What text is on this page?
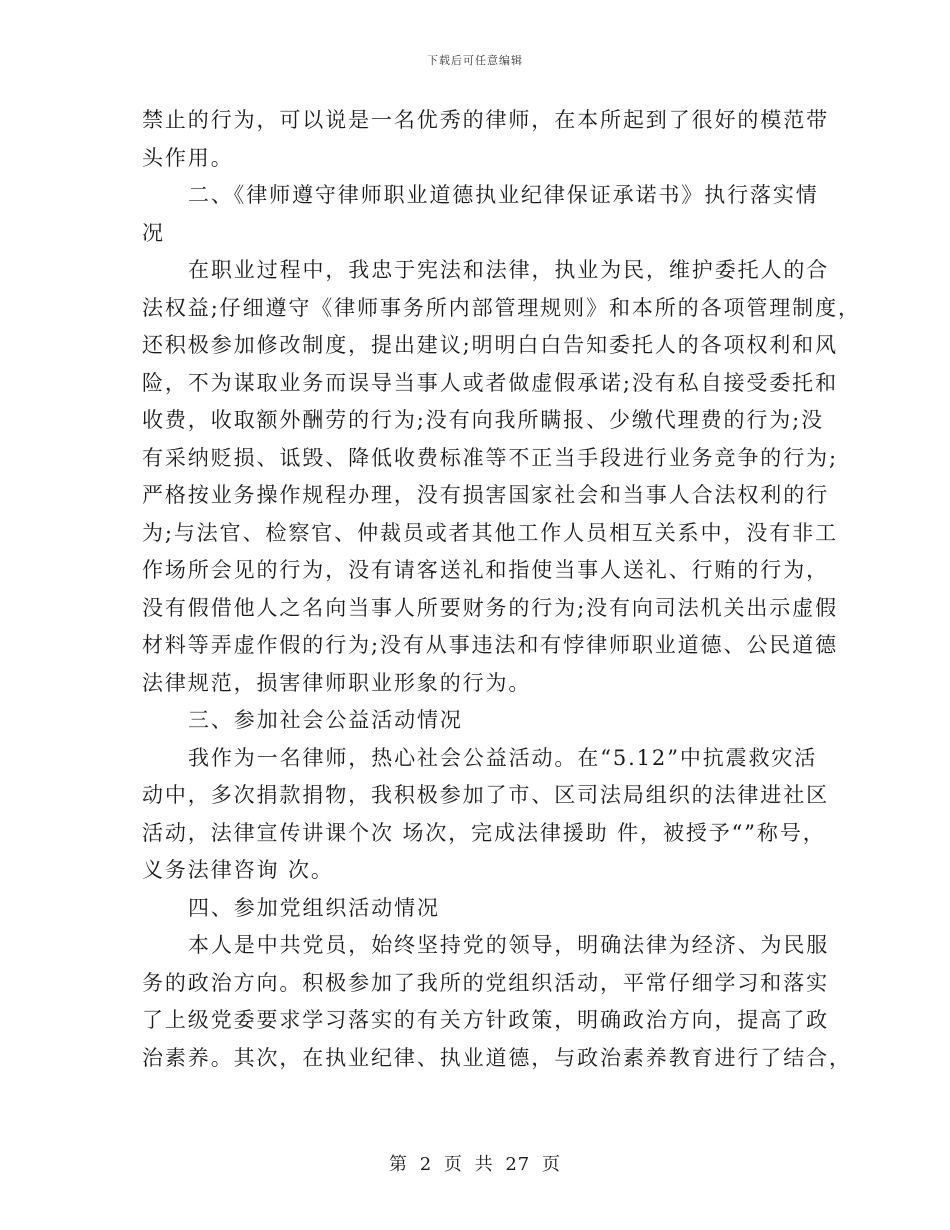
下载后可任意编辑
禁止的行为，可以说是一名优秀的律师，在本所起到了很好的模范带
头作用。
二、《律师遵守律师职业道德执业纪律保证承诺书》执行落实情
况
在职业过程中，我忠于宪法和法律，执业为民，维护委托人的合
法权益;仔细遵守《律师事务所内部管理规则》和本所的各项管理制度，
还积极参加修改制度，提出建议;明明白白告知委托人的各项权利和风
险，不为谋取业务而误导当事人或者做虚假承诺;没有私自接受委托和
收费，收取额外酬劳的行为;没有向我所瞒报、少缴代理费的行为;没
有采纳贬损、诋毁、降低收费标准等不正当手段进行业务竞争的行为;
严格按业务操作规程办理，没有损害国家社会和当事人合法权利的行
为;与法官、检察官、仲裁员或者其他工作人员相互关系中，没有非工
作场所会见的行为，没有请客送礼和指使当事人送礼、行贿的行为，
没有假借他人之名向当事人所要财务的行为;没有向司法机关出示虚假
材料等弄虚作假的行为;没有从事违法和有悖律师职业道德、公民道德
法律规范，损害律师职业形象的行为。
三、参加社会公益活动情况
我作为一名律师，热心社会公益活动。在“5.12”中抗震救灾活
动中，多次捐款捐物，我积极参加了市、区司法局组织的法律进社区
活动，法律宣传讲课个次 场次，完成法律援助 件，被授予“”称号，
义务法律咨询 次。
四、参加党组织活动情况
本人是中共党员，始终坚持党的领导，明确法律为经济、为民服
务的政治方向。积极参加了我所的党组织活动，平常仔细学习和落实
了上级党委要求学习落实的有关方针政策，明确政治方向，提高了政
治素养。其次，在执业纪律、执业道德，与政治素养教育进行了结合，
第 2 页 共 27 页
